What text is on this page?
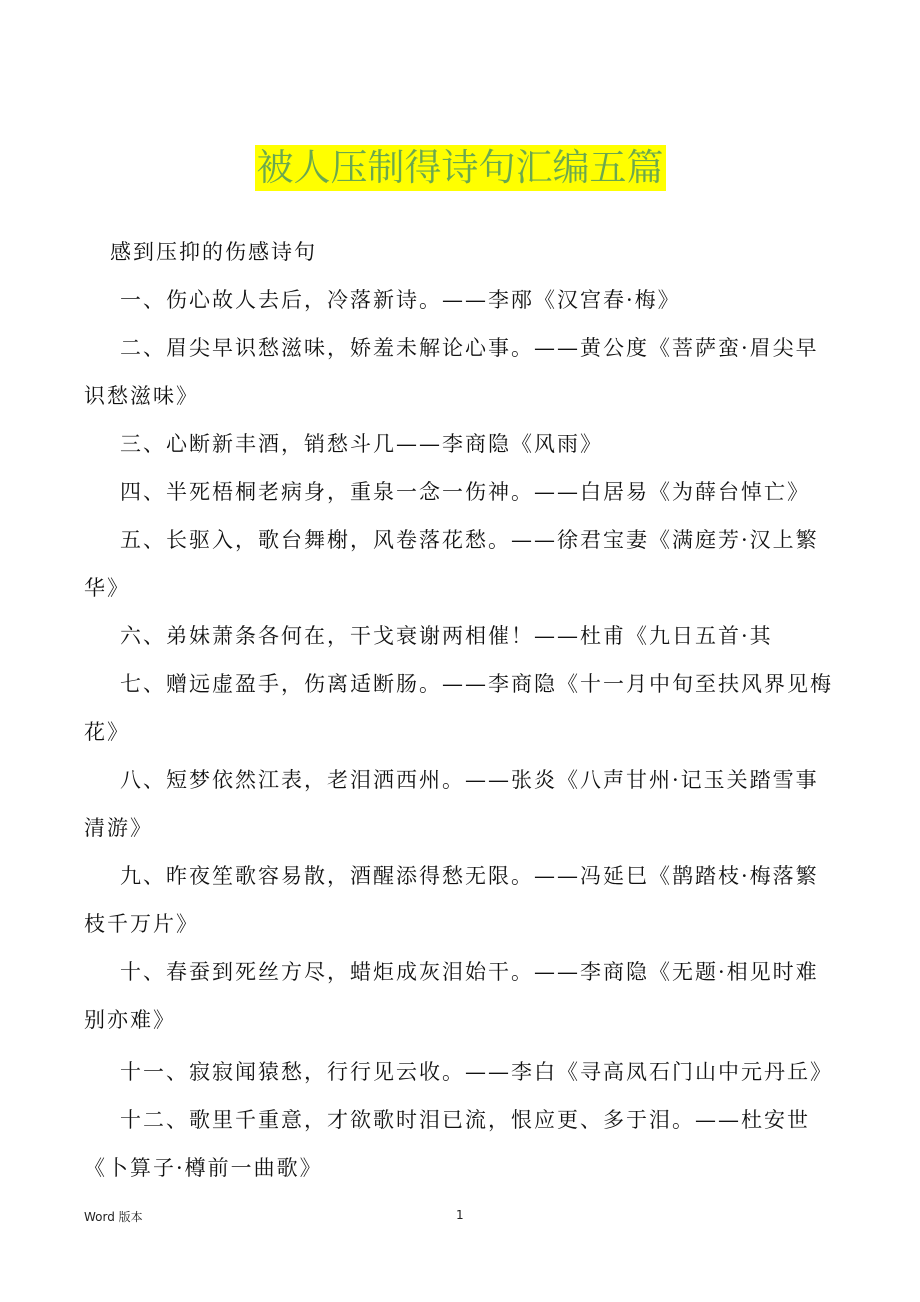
被人压制得诗句汇编五篇
感到压抑的伤感诗句
一、伤心故人去后，冷落新诗。——李邴《汉宫春·梅》
二、眉尖早识愁滋味，娇羞未解论心事。——黄公度《菩萨蛮·眉尖早
识愁滋味》
三、心断新丰酒，销愁斗几——李商隐《风雨》
四、半死梧桐老病身，重泉一念一伤神。——白居易《为薛台悼亡》
五、长驱入，歌台舞榭，风卷落花愁。——徐君宝妻《满庭芳·汉上繁
华》
六、弟妹萧条各何在，干戈衰谢两相催！——杜甫《九日五首·其
七、赠远虚盈手，伤离适断肠。——李商隐《十一月中旬至扶风界见梅
花》
八、短梦依然江表，老泪洒西州。——张炎《八声甘州·记玉关踏雪事
清游》
九、昨夜笙歌容易散，酒醒添得愁无限。——冯延巳《鹊踏枝·梅落繁
枝千万片》
十、春蚕到死丝方尽，蜡炬成灰泪始干。——李商隐《无题·相见时难
别亦难》
十一、寂寂闻猿愁，行行见云收。——李白《寻高凤石门山中元丹丘》
十二、歌里千重意，才欲歌时泪已流，恨应更、多于泪。——杜安世
《卜算子·樽前一曲歌》
Word 版本	1
